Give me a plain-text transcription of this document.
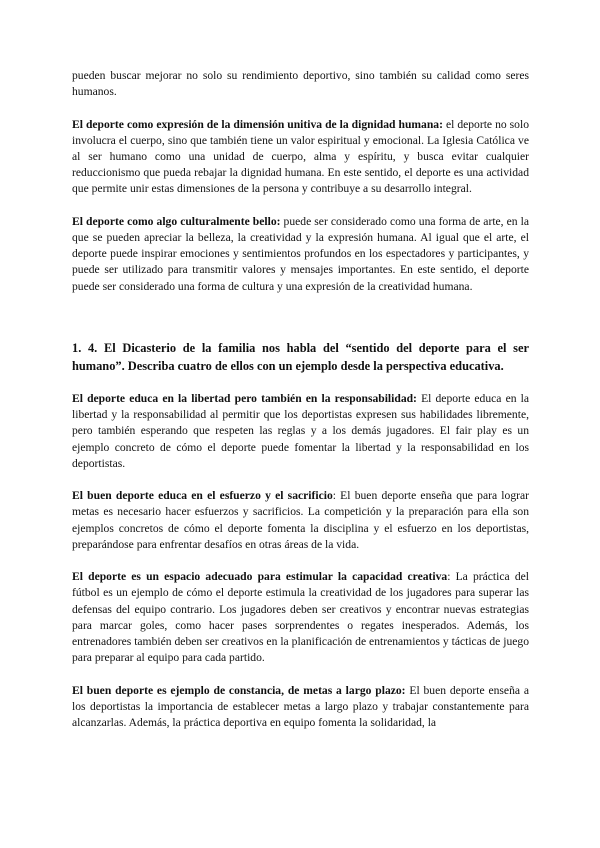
pueden buscar mejorar no solo su rendimiento deportivo, sino también su calidad como seres humanos.

El deporte como expresión de la dimensión unitiva de la dignidad humana: el deporte no solo involucra el cuerpo, sino que también tiene un valor espiritual y emocional. La Iglesia Católica ve al ser humano como una unidad de cuerpo, alma y espíritu, y busca evitar cualquier reduccionismo que pueda rebajar la dignidad humana. En este sentido, el deporte es una actividad que permite unir estas dimensiones de la persona y contribuye a su desarrollo integral.

El deporte como algo culturalmente bello: puede ser considerado como una forma de arte, en la que se pueden apreciar la belleza, la creatividad y la expresión humana. Al igual que el arte, el deporte puede inspirar emociones y sentimientos profundos en los espectadores y participantes, y puede ser utilizado para transmitir valores y mensajes importantes. En este sentido, el deporte puede ser considerado una forma de cultura y una expresión de la creatividad humana.

1. 4. El Dicasterio de la familia nos habla del “sentido del deporte para el ser humano”. Describa cuatro de ellos con un ejemplo desde la perspectiva educativa.

El deporte educa en la libertad pero también en la responsabilidad: El deporte educa en la libertad y la responsabilidad al permitir que los deportistas expresen sus habilidades libremente, pero también esperando que respeten las reglas y a los demás jugadores. El fair play es un ejemplo concreto de cómo el deporte puede fomentar la libertad y la responsabilidad en los deportistas.

El buen deporte educa en el esfuerzo y el sacrificio: El buen deporte enseña que para lograr metas es necesario hacer esfuerzos y sacrificios. La competición y la preparación para ella son ejemplos concretos de cómo el deporte fomenta la disciplina y el esfuerzo en los deportistas, preparándose para enfrentar desafíos en otras áreas de la vida.

El deporte es un espacio adecuado para estimular la capacidad creativa: La práctica del fútbol es un ejemplo de cómo el deporte estimula la creatividad de los jugadores para superar las defensas del equipo contrario. Los jugadores deben ser creativos y encontrar nuevas estrategias para marcar goles, como hacer pases sorprendentes o regates inesperados. Además, los entrenadores también deben ser creativos en la planificación de entrenamientos y tácticas de juego para preparar al equipo para cada partido.

El buen deporte es ejemplo de constancia, de metas a largo plazo: El buen deporte enseña a los deportistas la importancia de establecer metas a largo plazo y trabajar constantemente para alcanzarlas. Además, la práctica deportiva en equipo fomenta la solidaridad, la
